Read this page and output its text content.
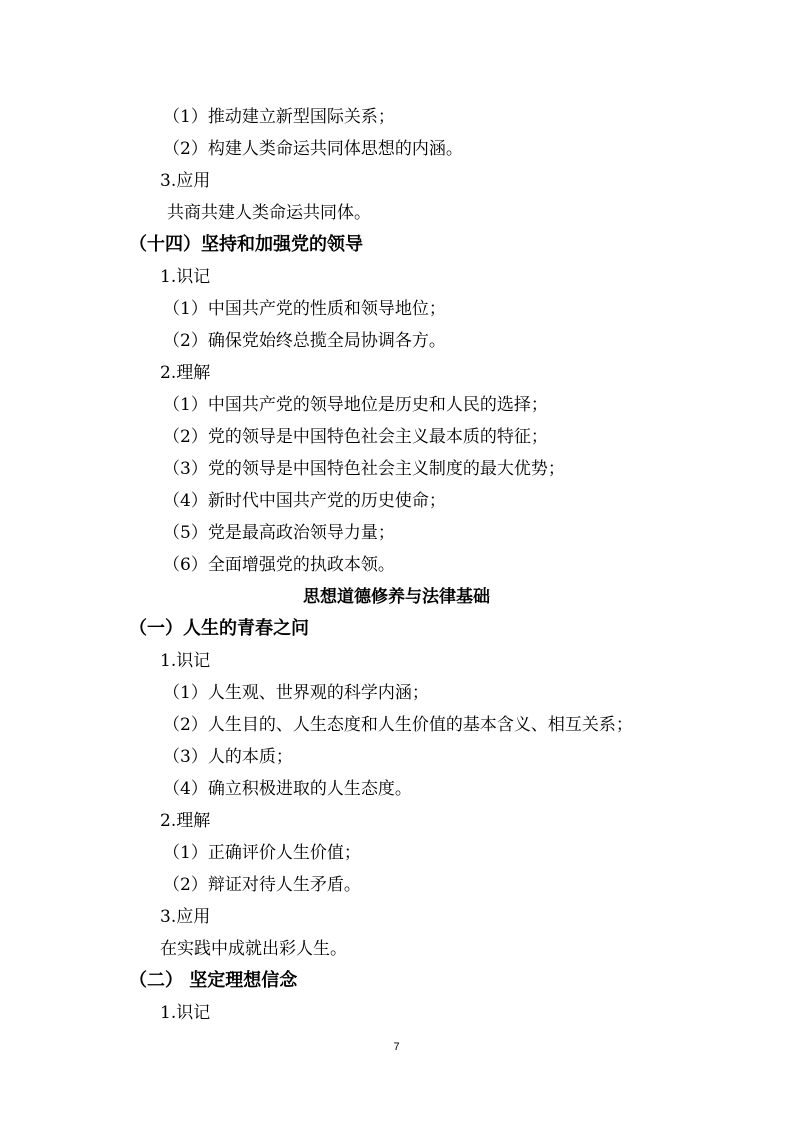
（1）推动建立新型国际关系；
（2）构建人类命运共同体思想的内涵。
3.应用
共商共建人类命运共同体。
（十四）坚持和加强党的领导
1.识记
（1）中国共产党的性质和领导地位；
（2）确保党始终总揽全局协调各方。
2.理解
（1）中国共产党的领导地位是历史和人民的选择；
（2）党的领导是中国特色社会主义最本质的特征；
（3）党的领导是中国特色社会主义制度的最大优势；
（4）新时代中国共产党的历史使命；
（5）党是最高政治领导力量；
（6）全面增强党的执政本领。
思想道德修养与法律基础
（一）人生的青春之问
1.识记
（1）人生观、世界观的科学内涵；
（2）人生目的、人生态度和人生价值的基本含义、相互关系；
（3）人的本质；
（4）确立积极进取的人生态度。
2.理解
（1）正确评价人生价值；
（2）辩证对待人生矛盾。
3.应用
在实践中成就出彩人生。
（二） 坚定理想信念
1.识记
7
